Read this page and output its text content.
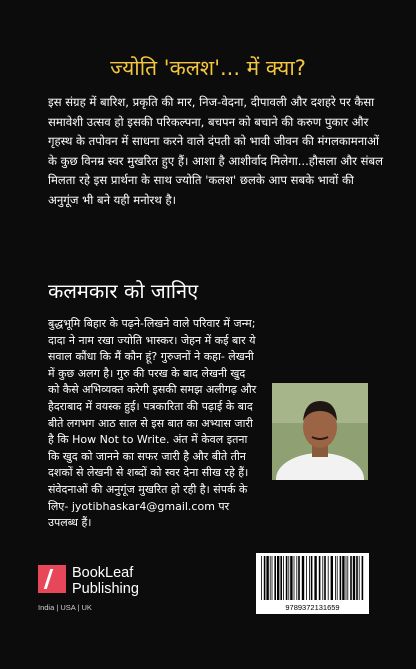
ज्योति 'कलश'... में क्या?
इस संग्रह में बारिश, प्रकृति की मार, निज-वेदना, दीपावली और दशहरे पर कैसा समावेशी उत्सव हो इसकी परिकल्पना, बचपन को बचाने की करुण पुकार और गृहस्थ के तपोवन में साधना करने वाले दंपती को भावी जीवन की मंगलकामनाओं के कुछ विनम्र स्वर मुखरित हुए हैं। आशा है आशीर्वाद मिलेगा...हौसला और संबल मिलता रहे इस प्रार्थना के साथ ज्योति 'कलश' छलके आप सबके भावों की अनुगूंज भी बने यही मनोरथ है।
कलमकार को जानिए
बुद्धभूमि बिहार के पढ़ने-लिखने वाले परिवार में जन्म; दादा ने नाम रखा ज्योति भास्कर। जेहन में कई बार ये सवाल कौंधा कि मैं कौन हूं? गुरुजनों ने कहा- लेखनी में कुछ अलग है। गुरु की परख के बाद लेखनी खुद को कैसे अभिव्यक्त करेगी इसकी समझ अलीगढ़ और हैदराबाद में वयस्क हुई। पत्रकारिता की पढ़ाई के बाद बीते लगभग आठ साल से इस बात का अभ्यास जारी है कि How Not to Write. अंत में केवल इतना कि खुद को जानने का सफर जारी है और बीते तीन दशकों से लेखनी से शब्दों को स्वर देना सीख रहे हैं। संवेदनाओं की अनुगूंज मुखरित हो रही है। संपर्क के लिए- jyotibhaskar4@gmail.com पर उपलब्ध हैं।
BookLeaf
Publishing
India | USA | UK	9789372131659
